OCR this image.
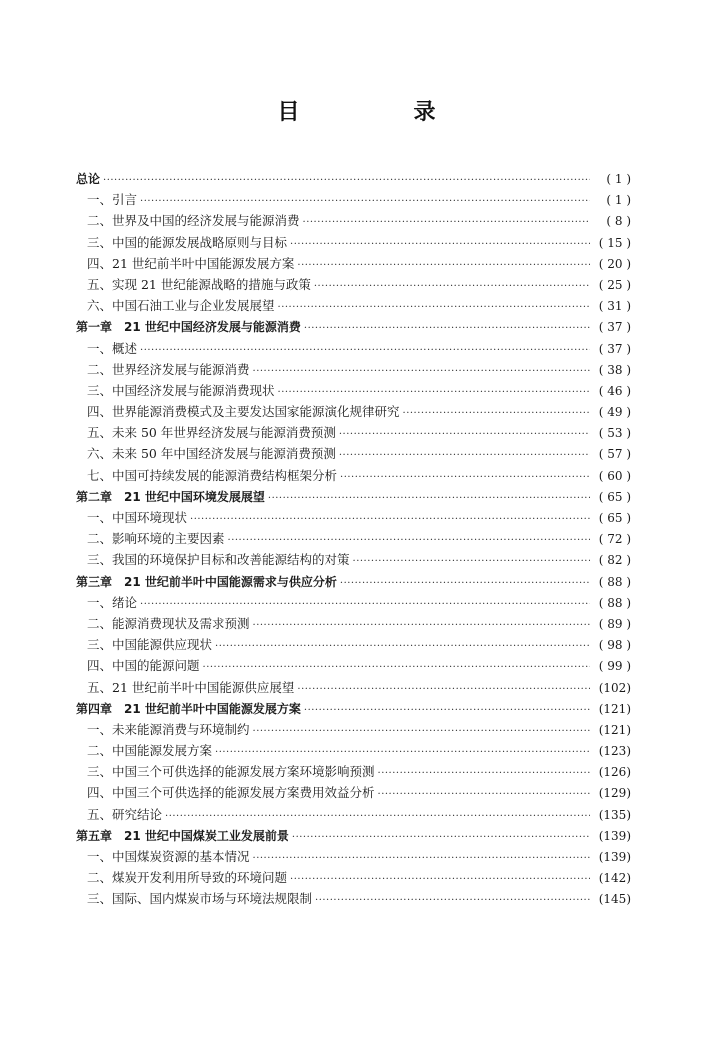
目　录
总论 ·····	( 1 )
一、引言 ·····	( 1 )
二、世界及中国的经济发展与能源消费 ·····	( 8 )
三、中国的能源发展战略原则与目标 ·····	( 15 )
四、21 世纪前半叶中国能源发展方案 ·····	( 20 )
五、实现 21 世纪能源战略的措施与政策 ·····	( 25 )
六、中国石油工业与企业发展展望 ·····	( 31 )
第一章　21 世纪中国经济发展与能源消费 ·····	( 37 )
一、概述 ·····	( 37 )
二、世界经济发展与能源消费 ·····	( 38 )
三、中国经济发展与能源消费现状 ·····	( 46 )
四、世界能源消费模式及主要发达国家能源演化规律研究 ·····	( 49 )
五、未来 50 年世界经济发展与能源消费预测 ·····	( 53 )
六、未来 50 年中国经济发展与能源消费预测 ·····	( 57 )
七、中国可持续发展的能源消费结构框架分析 ·····	( 60 )
第二章　21 世纪中国环境发展展望 ·····	( 65 )
一、中国环境现状 ·····	( 65 )
二、影响环境的主要因素 ·····	( 72 )
三、我国的环境保护目标和改善能源结构的对策 ·····	( 82 )
第三章　21 世纪前半叶中国能源需求与供应分析 ·····	( 88 )
一、绪论 ·····	( 88 )
二、能源消费现状及需求预测 ·····	( 89 )
三、中国能源供应现状 ·····	( 98 )
四、中国的能源问题 ·····	( 99 )
五、21 世纪前半叶中国能源供应展望 ·····	( 102 )
第四章　21 世纪前半叶中国能源发展方案 ·····	( 121 )
一、未来能源消费与环境制约 ·····	( 121 )
二、中国能源发展方案 ·····	( 123 )
三、中国三个可供选择的能源发展方案环境影响预测 ·····	( 126 )
四、中国三个可供选择的能源发展方案费用效益分析 ·····	( 129 )
五、研究结论 ·····	( 135 )
第五章　21 世纪中国煤炭工业发展前景 ·····	( 139 )
一、中国煤炭资源的基本情况 ·····	( 139 )
二、煤炭开发利用所导致的环境问题 ·····	( 142 )
三、国际、国内煤炭市场与环境法规限制 ·····	( 145 )
